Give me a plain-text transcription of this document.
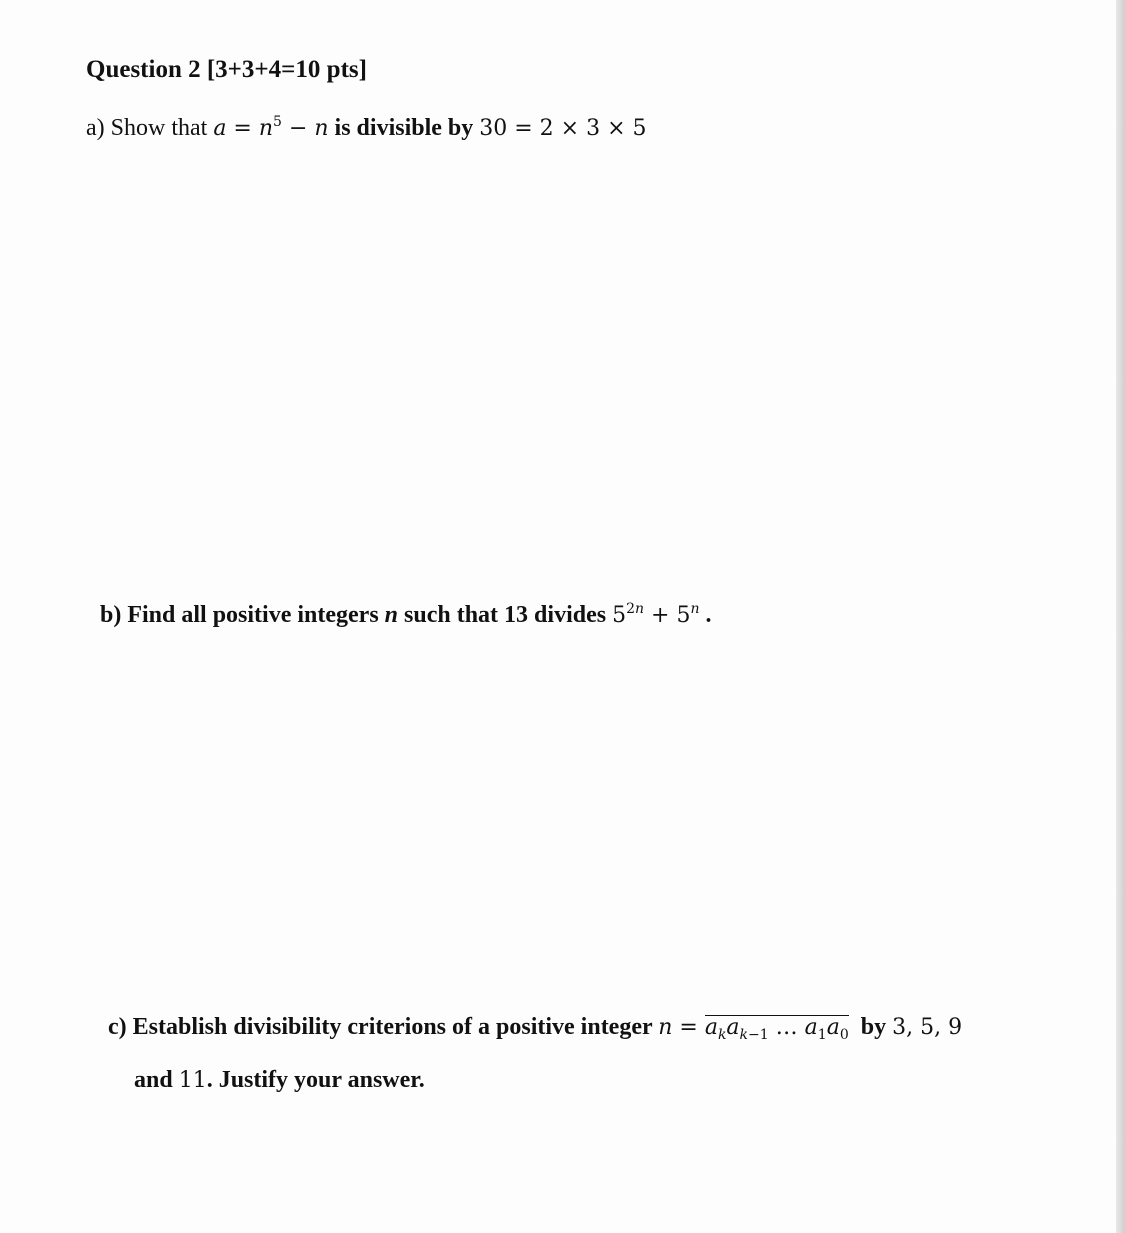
Question 2 [3+3+4=10 pts]
a) Show that $a = n^5 - n$ is divisible by 30 = 2 × 3 × 5
b) Find all positive integers n such that 13 divides $5^{2n} + 5^n$ .
c) Establish divisibility criterions of a positive integer $n = a_ka_{k-1}$ … $a_1a_0$ by 3, 5, 9
and 11. Justify your answer.
